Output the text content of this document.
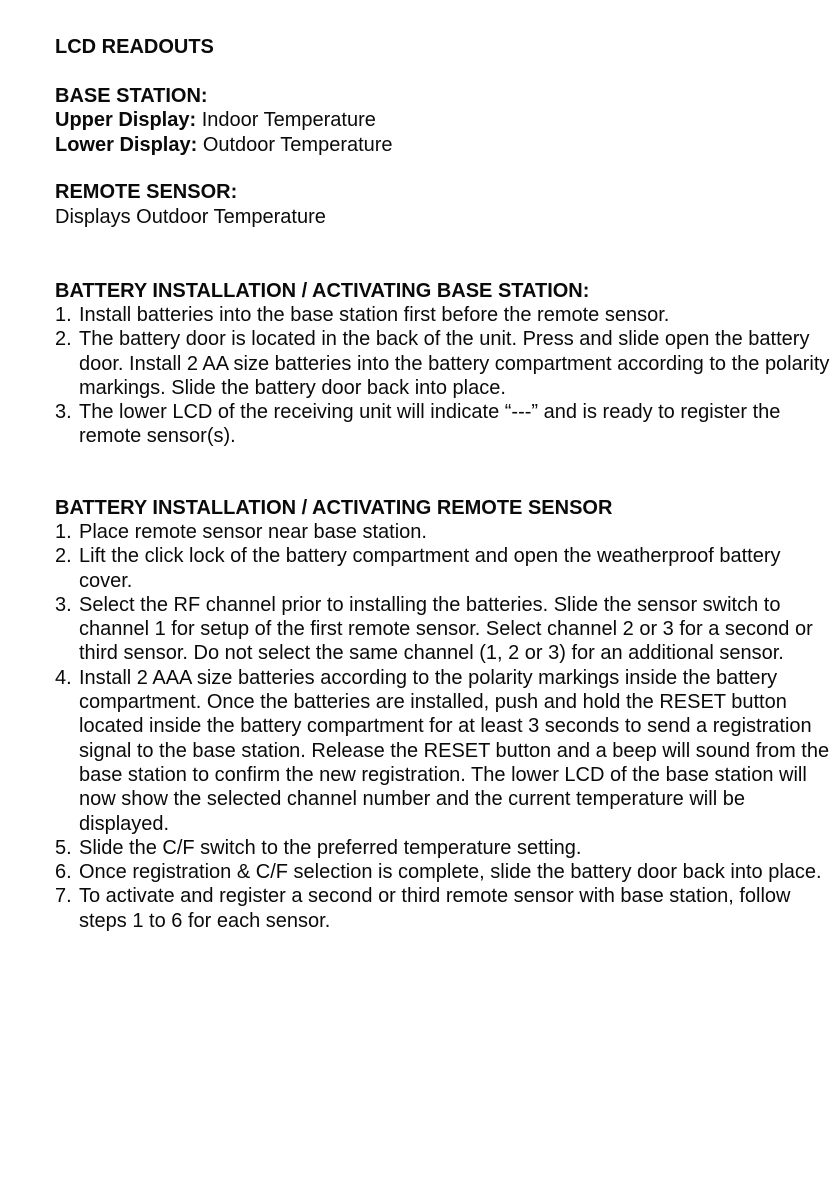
LCD READOUTS
BASE STATION:
Upper Display: Indoor Temperature
Lower Display: Outdoor Temperature
REMOTE SENSOR:
Displays Outdoor Temperature
BATTERY INSTALLATION / ACTIVATING BASE STATION:
1. Install batteries into the base station first before the remote sensor.
2. The battery door is located in the back of the unit. Press and slide open the battery door. Install 2 AA size batteries into the battery compartment according to the polarity markings. Slide the battery door back into place.
3. The lower LCD of the receiving unit will indicate “---” and is ready to register the remote sensor(s).
BATTERY INSTALLATION / ACTIVATING REMOTE SENSOR
1. Place remote sensor near base station.
2. Lift the click lock of the battery compartment and open the weatherproof battery cover.
3. Select the RF channel prior to installing the batteries. Slide the sensor switch to channel 1 for setup of the first remote sensor. Select channel 2 or 3 for a second or third sensor. Do not select the same channel (1, 2 or 3) for an additional sensor.
4. Install 2 AAA size batteries according to the polarity markings inside the battery compartment. Once the batteries are installed, push and hold the RESET button located inside the battery compartment for at least 3 seconds to send a registration signal to the base station. Release the RESET button and a beep will sound from the base station to confirm the new registration. The lower LCD of the base station will now show the selected channel number and the current temperature will be displayed.
5. Slide the C/F switch to the preferred temperature setting.
6. Once registration & C/F selection is complete, slide the battery door back into place.
7. To activate and register a second or third remote sensor with base station, follow steps 1 to 6 for each sensor.
